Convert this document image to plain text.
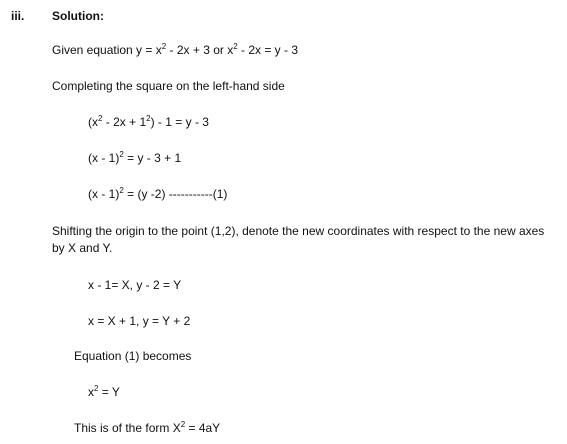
iii. Solution:
Given equation $y = x^2 - 2x + 3$ or $x^2 - 2x = y - 3$
Completing the square on the left-hand side
$(x^2 - 2x + 1^2) - 1 = y - 3$
(x - 1)$^2$ = y - 3 + 1
(x - 1)$^2$ = (y -2) -----------(1)
Shifting the origin to the point (1,2), denote the new coordinates with respect to the new axes by X and Y.
x - 1= X, y - 2 = Y
x = X + 1, y = Y + 2
Equation (1) becomes
$x^2 = Y$
This is of the form $X^2 = 4aY$
